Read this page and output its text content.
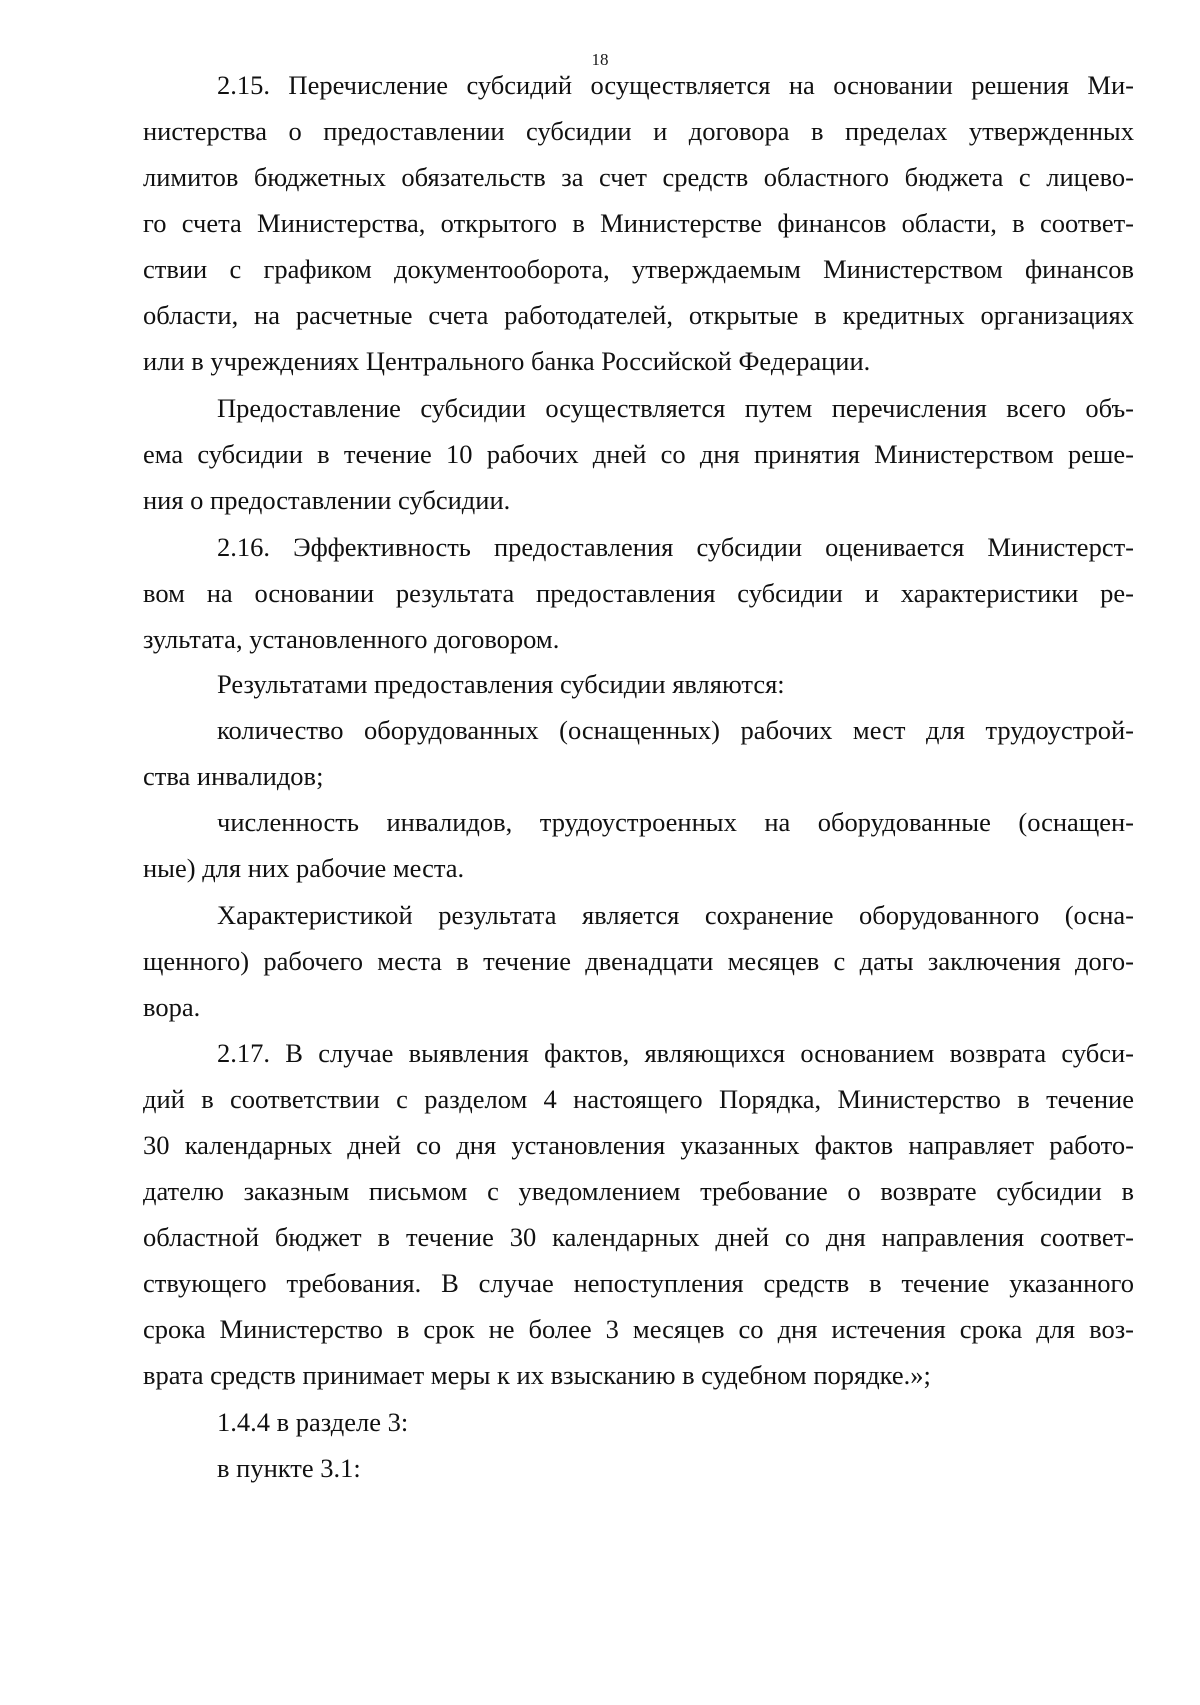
18
2.15. Перечисление субсидий осуществляется на основании решения Ми-
нистерства о предоставлении субсидии и договора в пределах утвержденных
лимитов бюджетных обязательств за счет средств областного бюджета с лицево-
го счета Министерства, открытого в Министерстве финансов области, в соответ-
ствии с графиком документооборота, утверждаемым Министерством финансов
области, на расчетные счета работодателей, открытые в кредитных организациях
или в учреждениях Центрального банка Российской Федерации.
Предоставление субсидии осуществляется путем перечисления всего объ-
ема субсидии в течение 10 рабочих дней со дня принятия Министерством реше-
ния о предоставлении субсидии.
2.16. Эффективность предоставления субсидии оценивается Министерст-
вом на основании результата предоставления субсидии и характеристики ре-
зультата, установленного договором.
Результатами предоставления субсидии являются:
количество оборудованных (оснащенных) рабочих мест для трудоустрой-
ства инвалидов;
численность инвалидов, трудоустроенных на оборудованные (оснащен-
ные) для них рабочие места.
Характеристикой результата является сохранение оборудованного (осна-
щенного) рабочего места в течение двенадцати месяцев с даты заключения дого-
вора.
2.17. В случае выявления фактов, являющихся основанием возврата субси-
дий в соответствии с разделом 4 настоящего Порядка, Министерство в течение
30 календарных дней со дня установления указанных фактов направляет работо-
дателю заказным письмом с уведомлением требование о возврате субсидии в
областной бюджет в течение 30 календарных дней со дня направления соответ-
ствующего требования. В случае непоступления средств в течение указанного
срока Министерство в срок не более 3 месяцев со дня истечения срока для воз-
врата средств принимает меры к их взысканию в судебном порядке.»;
1.4.4 в разделе 3:
в пункте 3.1:
